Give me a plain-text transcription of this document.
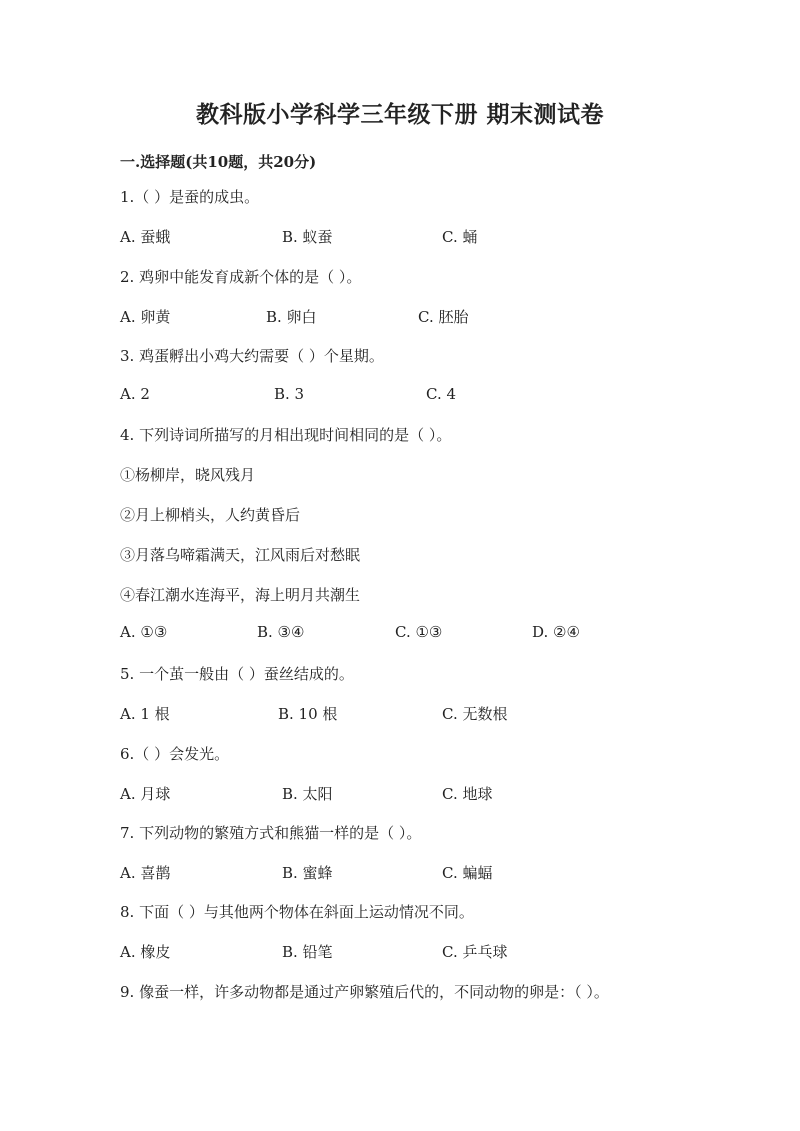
教科版小学科学三年级下册 期末测试卷
一.选择题(共10题，共20分)
1.（ ）是蚕的成虫。
A. 蚕蛾	B. 蚁蚕	C. 蛹
2. 鸡卵中能发育成新个体的是（ ）。
A. 卵黄	B. 卵白	C. 胚胎
3. 鸡蛋孵出小鸡大约需要（ ）个星期。
A. 2	B. 3	C. 4
4. 下列诗词所描写的月相出现时间相同的是（ ）。
①杨柳岸，晓风残月
②月上柳梢头，人约黄昏后
③月落乌啼霜满天，江风雨后对愁眠
④春江潮水连海平，海上明月共潮生
A. ①③	B. ③④	C. ①③	D. ②④
5. 一个茧一般由（ ）蚕丝结成的。
A. 1 根	B. 10 根	C. 无数根
6.（ ）会发光。
A. 月球	B. 太阳	C. 地球
7. 下列动物的繁殖方式和熊猫一样的是（ ）。
A. 喜鹊	B. 蜜蜂	C. 蝙蝠
8. 下面（ ）与其他两个物体在斜面上运动情况不同。
A. 橡皮	B. 铅笔	C. 乒乓球
9. 像蚕一样，许多动物都是通过产卵繁殖后代的，不同动物的卵是：（ ）。
